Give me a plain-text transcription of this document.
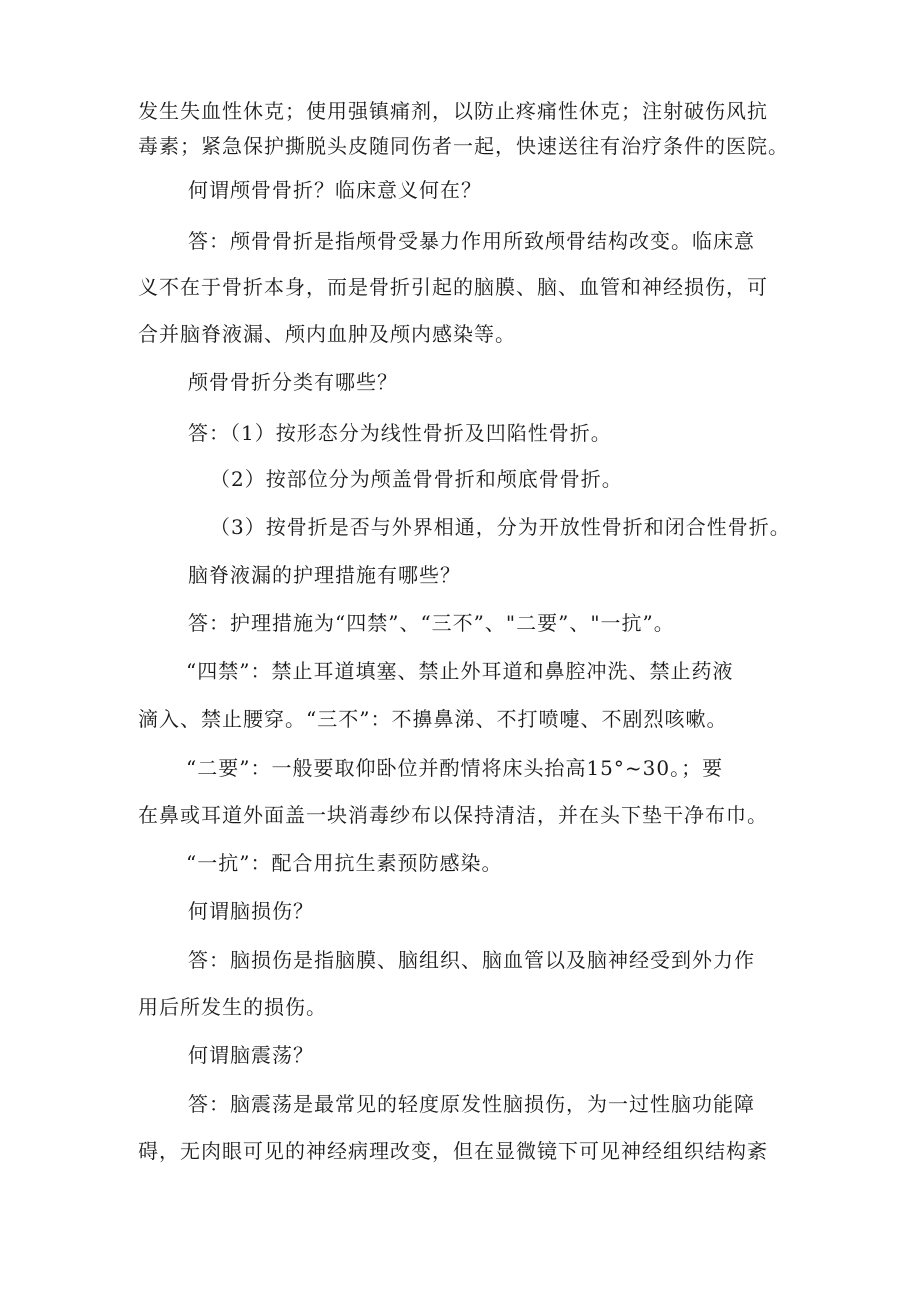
发生失血性休克；使用强镇痛剂，以防止疼痛性休克；注射破伤风抗
毒素；紧急保护撕脱头皮随同伤者一起，快速送往有治疗条件的医院。
何谓颅骨骨折？临床意义何在？
答：颅骨骨折是指颅骨受暴力作用所致颅骨结构改变。临床意
义不在于骨折本身，而是骨折引起的脑膜、脑、血管和神经损伤，可
合并脑脊液漏、颅内血肿及颅内感染等。
颅骨骨折分类有哪些？
答：（1）按形态分为线性骨折及凹陷性骨折。
（2）按部位分为颅盖骨骨折和颅底骨骨折。
（3）按骨折是否与外界相通，分为开放性骨折和闭合性骨折。
脑脊液漏的护理措施有哪些？
答：护理措施为“四禁”、“三不”、"二要”、"一抗”。
“四禁”：禁止耳道填塞、禁止外耳道和鼻腔冲洗、禁止药液
滴入、禁止腰穿。“三不”：不擤鼻涕、不打喷嚏、不剧烈咳嗽。
“二要”：一般要取仰卧位并酌情将床头抬高15°~30。；要
在鼻或耳道外面盖一块消毒纱布以保持清洁，并在头下垫干净布巾。
“一抗”：配合用抗生素预防感染。
何谓脑损伤？
答：脑损伤是指脑膜、脑组织、脑血管以及脑神经受到外力作
用后所发生的损伤。
何谓脑震荡？
答：脑震荡是最常见的轻度原发性脑损伤，为一过性脑功能障
碍，无肉眼可见的神经病理改变，但在显微镜下可见神经组织结构紊
